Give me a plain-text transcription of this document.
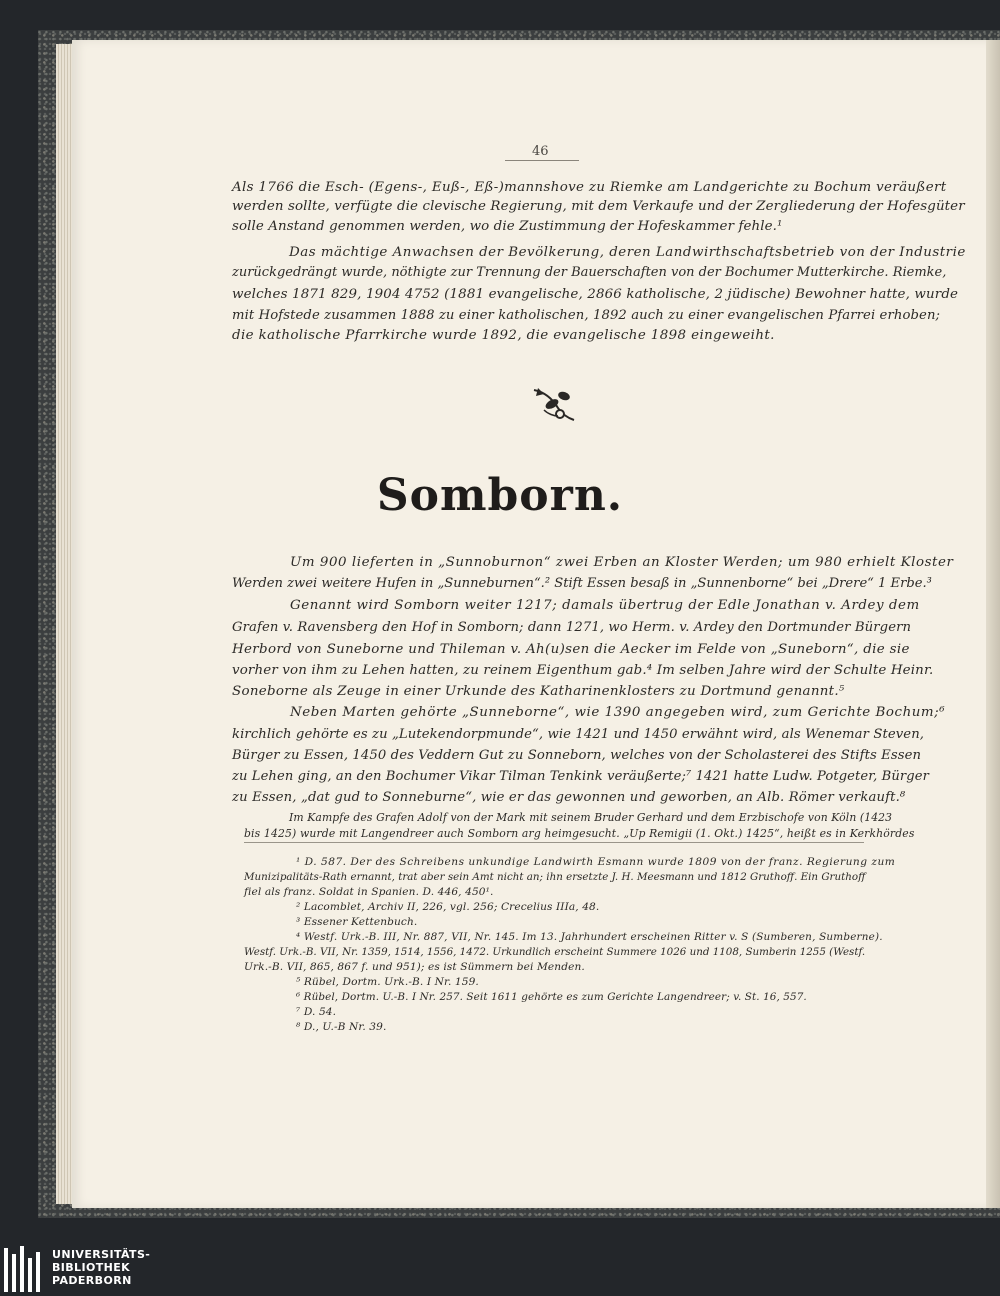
46
Als 1766 die Esch- (Egens-, Euß-, Eß-)mannshove zu Riemke am Landgerichte zu Bochum veräußert
werden sollte, verfügte die clevische Regierung, mit dem Verkaufe und der Zergliederung der Hofesgüter
solle Anstand genommen werden, wo die Zustimmung der Hofeskammer fehle.¹
Das mächtige Anwachsen der Bevölkerung, deren Landwirthschaftsbetrieb von der Industrie
zurückgedrängt wurde, nöthigte zur Trennung der Bauerschaften von der Bochumer Mutterkirche. Riemke,
welches 1871 829, 1904 4752 (1881 evangelische, 2866 katholische, 2 jüdische) Bewohner hatte, wurde
mit Hofstede zusammen 1888 zu einer katholischen, 1892 auch zu einer evangelischen Pfarrei erhoben;
die katholische Pfarrkirche wurde 1892, die evangelische 1898 eingeweiht.
Somborn.
Um 900 lieferten in „Sunnoburnon“ zwei Erben an Kloster Werden; um 980 erhielt Kloster
Werden zwei weitere Hufen in „Sunneburnen“.² Stift Essen besaß in „Sunnenborne“ bei „Drere“ 1 Erbe.³
Genannt wird Somborn weiter 1217; damals übertrug der Edle Jonathan v. Ardey dem
Grafen v. Ravensberg den Hof in Somborn; dann 1271, wo Herm. v. Ardey den Dortmunder Bürgern
Herbord von Suneborne und Thileman v. Ah(u)sen die Aecker im Felde von „Suneborn“, die sie
vorher von ihm zu Lehen hatten, zu reinem Eigenthum gab.⁴ Im selben Jahre wird der Schulte Heinr.
Soneborne als Zeuge in einer Urkunde des Katharinenklosters zu Dortmund genannt.⁵
Neben Marten gehörte „Sunneborne“, wie 1390 angegeben wird, zum Gerichte Bochum;⁶
kirchlich gehörte es zu „Lutekendorpmunde“, wie 1421 und 1450 erwähnt wird, als Wenemar Steven,
Bürger zu Essen, 1450 des Veddern Gut zu Sonneborn, welches von der Scholasterei des Stifts Essen
zu Lehen ging, an den Bochumer Vikar Tilman Tenkink veräußerte;⁷ 1421 hatte Ludw. Potgeter, Bürger
zu Essen, „dat gud to Sonneburne“, wie er das gewonnen und geworben, an Alb. Römer verkauft.⁸
Im Kampfe des Grafen Adolf von der Mark mit seinem Bruder Gerhard und dem Erzbischofe von Köln (1423
bis 1425) wurde mit Langendreer auch Somborn arg heimgesucht. „Up Remigii (1. Okt.) 1425“, heißt es in Kerkhördes
¹ D. 587. Der des Schreibens unkundige Landwirth Esmann wurde 1809 von der franz. Regierung zum
Munizipalitäts-Rath ernannt, trat aber sein Amt nicht an; ihn ersetzte J. H. Meesmann und 1812 Gruthoff. Ein Gruthoff
fiel als franz. Soldat in Spanien. D. 446, 450¹.
² Lacomblet, Archiv II, 226, vgl. 256; Crecelius IIIa, 48.
³ Essener Kettenbuch.
⁴ Westf. Urk.-B. III, Nr. 887, VII, Nr. 145. Im 13. Jahrhundert erscheinen Ritter v. S (Sumberen, Sumberne).
Westf. Urk.-B. VII, Nr. 1359, 1514, 1556, 1472. Urkundlich erscheint Summere 1026 und 1108, Sumberin 1255 (Westf.
Urk.-B. VII, 865, 867 f. und 951); es ist Sümmern bei Menden.
⁵ Rübel, Dortm. Urk.-B. I Nr. 159.
⁶ Rübel, Dortm. U.-B. I Nr. 257. Seit 1611 gehörte es zum Gerichte Langendreer; v. St. 16, 557.
⁷ D. 54.
⁸ D., U.-B Nr. 39.
UNIVERSITÄTS-
BIBLIOTHEK
PADERBORN
